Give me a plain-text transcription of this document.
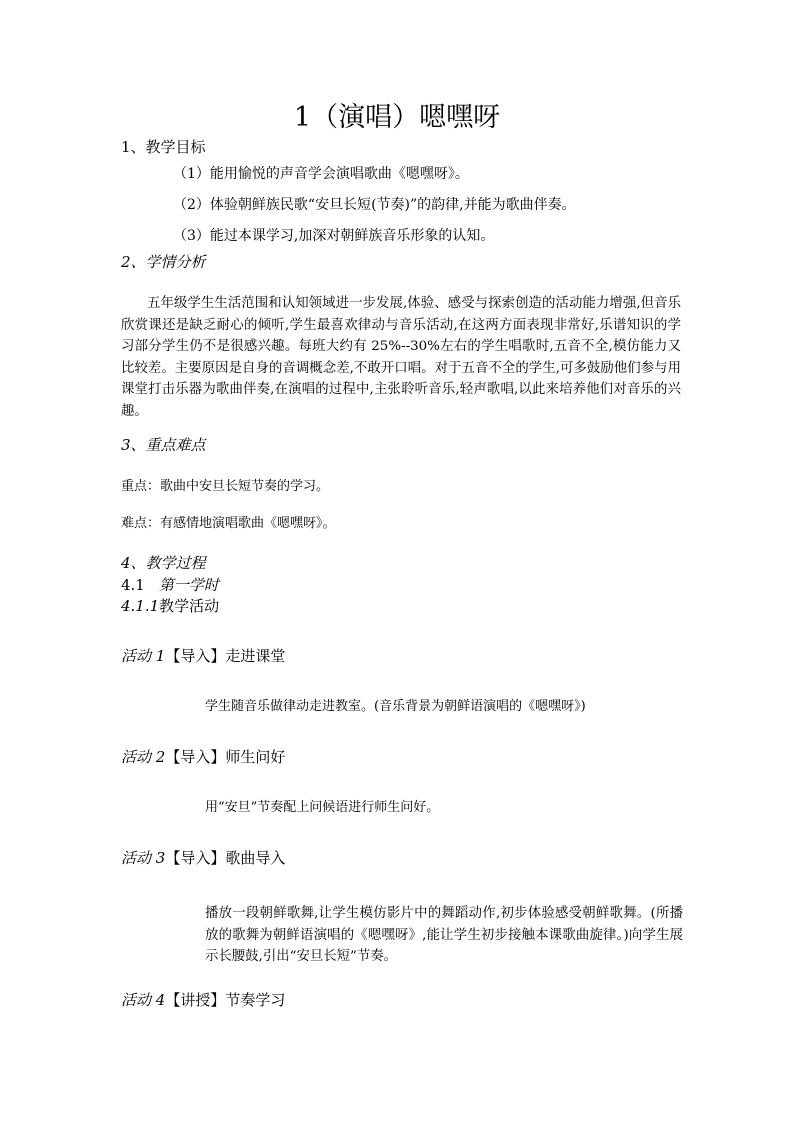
1（演唱）嗯嘿呀
1、教学目标
（1）能用愉悦的声音学会演唱歌曲《嗯嘿呀》。
（2）体验朝鲜族民歌“安旦长短(节奏)”的韵律,并能为歌曲伴奏。
（3）能过本课学习,加深对朝鲜族音乐形象的认知。
2、学情分析
五年级学生生活范围和认知领域进一步发展,体验、感受与探索创造的活动能力增强,但音乐欣赏课还是缺乏耐心的倾听,学生最喜欢律动与音乐活动,在这两方面表现非常好,乐谱知识的学习部分学生仍不是很感兴趣。每班大约有 25%--30%左右的学生唱歌时,五音不全,模仿能力又比较差。主要原因是自身的音调概念差,不敢开口唱。对于五音不全的学生,可多鼓励他们参与用课堂打击乐器为歌曲伴奏,在演唱的过程中,主张聆听音乐,轻声歌唱,以此来培养他们对音乐的兴趣。
3、重点难点
重点：歌曲中安旦长短节奏的学习。
难点：有感情地演唱歌曲《嗯嘿呀》。
4、教学过程
4.1 第一学时
4.1.1教学活动
活动 1【导入】走进课堂
学生随音乐做律动走进教室。(音乐背景为朝鲜语演唱的《嗯嘿呀》)
活动 2【导入】师生问好
用“安旦”节奏配上问候语进行师生问好。
活动 3【导入】歌曲导入
播放一段朝鲜歌舞,让学生模仿影片中的舞蹈动作,初步体验感受朝鲜歌舞。(所播放的歌舞为朝鲜语演唱的《嗯嘿呀》,能让学生初步接触本课歌曲旋律。)向学生展示长腰鼓,引出“安旦长短”节奏。
活动 4【讲授】节奏学习
